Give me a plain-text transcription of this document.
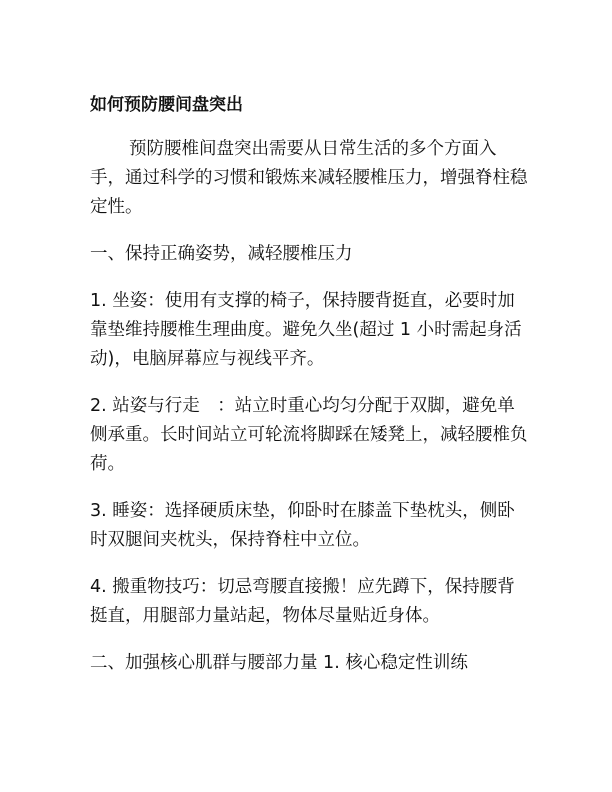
如何预防腰间盘突出
预防腰椎间盘突出需要从日常生活的多个方面入手，通过科学的习惯和锻炼来减轻腰椎压力，增强脊柱稳定性。
一、保持正确姿势，减轻腰椎压力
1. 坐姿：使用有支撑的椅子，保持腰背挺直，必要时加靠垫维持腰椎生理曲度。避免久坐(超过 1 小时需起身活动)，电脑屏幕应与视线平齐。
2. 站姿与行走　：站立时重心均匀分配于双脚，避免单侧承重。长时间站立可轮流将脚踩在矮凳上，减轻腰椎负荷。
3. 睡姿：选择硬质床垫，仰卧时在膝盖下垫枕头，侧卧时双腿间夹枕头，保持脊柱中立位。
4. 搬重物技巧：切忌弯腰直接搬！应先蹲下，保持腰背挺直，用腿部力量站起，物体尽量贴近身体。
二、加强核心肌群与腰部力量 1. 核心稳定性训练
